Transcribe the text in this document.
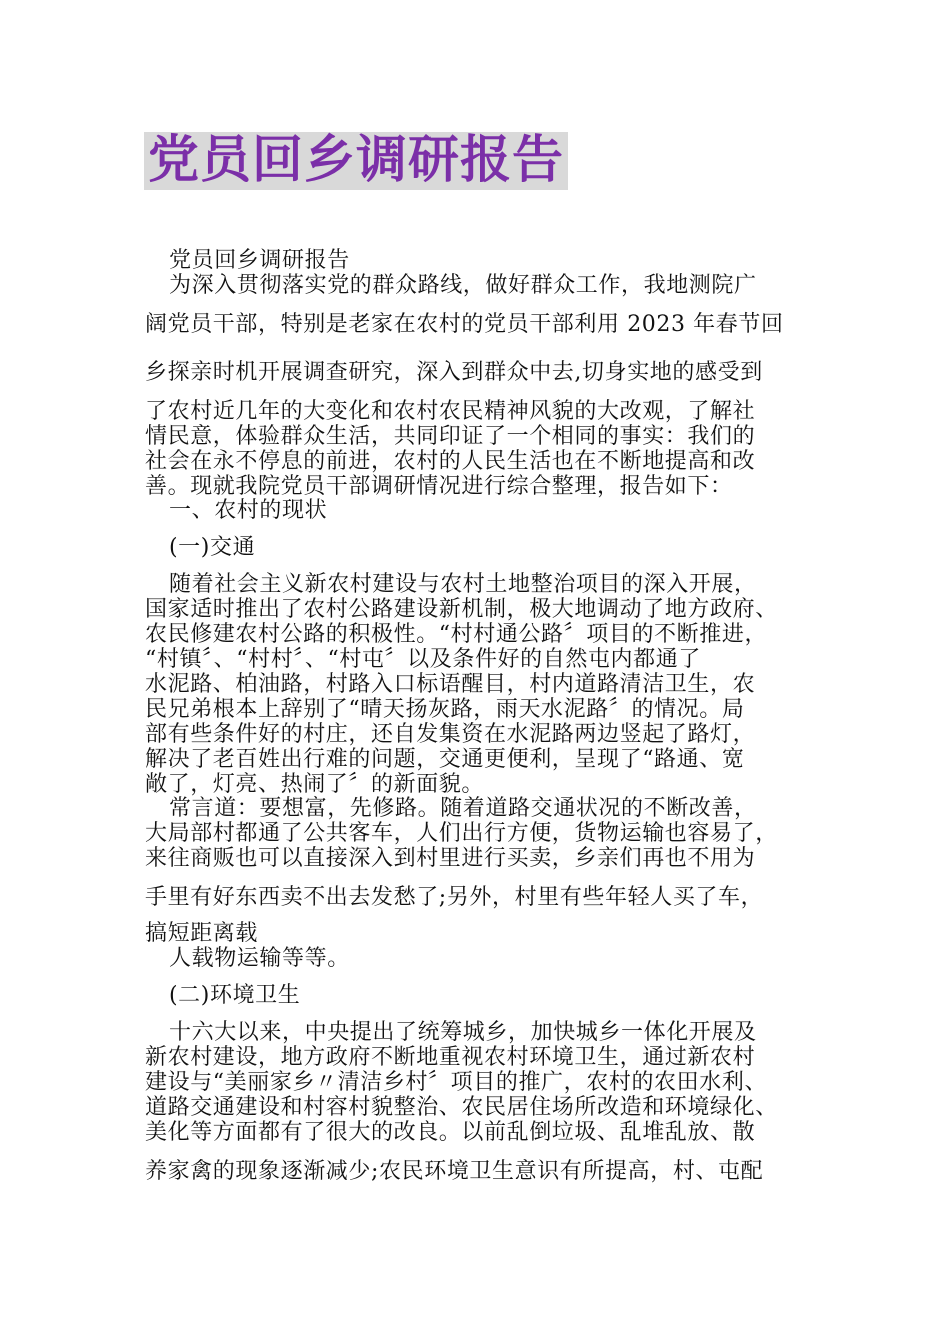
党员回乡调研报告
党员回乡调研报告
为深入贯彻落实党的群众路线，做好群众工作，我地测院广
阔党员干部，特别是老家在农村的党员干部利用 2023 年春节回
乡探亲时机开展调查研究，深入到群众中去,切身实地的感受到
了农村近几年的大变化和农村农民精神风貌的大改观，了解社
情民意，体验群众生活，共同印证了一个相同的事实：我们的
社会在永不停息的前进，农村的人民生活也在不断地提高和改
善。现就我院党员干部调研情况进行综合整理，报告如下：
一、农村的现状
(一)交通
随着社会主义新农村建设与农村土地整治项目的深入开展，
国家适时推出了农村公路建设新机制，极大地调动了地方政府、
农民修建农村公路的积极性。“村村通公路〞项目的不断推进，
“村镇〞、“村村〞、“村屯〞以及条件好的自然屯内都通了
水泥路、柏油路，村路入口标语醒目，村内道路清洁卫生，农
民兄弟根本上辞别了“晴天扬灰路，雨天水泥路〞的情况。局
部有些条件好的村庄，还自发集资在水泥路两边竖起了路灯，
解决了老百姓出行难的问题，交通更便利，呈现了“路通、宽
敞了，灯亮、热闹了〞的新面貌。
常言道：要想富，先修路。随着道路交通状况的不断改善，
大局部村都通了公共客车，人们出行方便，货物运输也容易了，
来往商贩也可以直接深入到村里进行买卖，乡亲们再也不用为
手里有好东西卖不出去发愁了;另外，村里有些年轻人买了车，
搞短距离载
人载物运输等等。
(二)环境卫生
十六大以来，中央提出了统筹城乡，加快城乡一体化开展及
新农村建设，地方政府不断地重视农村环境卫生，通过新农村
建设与“美丽家乡〃清洁乡村〞项目的推广，农村的农田水利、
道路交通建设和村容村貌整治、农民居住场所改造和环境绿化、
美化等方面都有了很大的改良。以前乱倒垃圾、乱堆乱放、散
养家禽的现象逐渐减少;农民环境卫生意识有所提高，村、屯配
